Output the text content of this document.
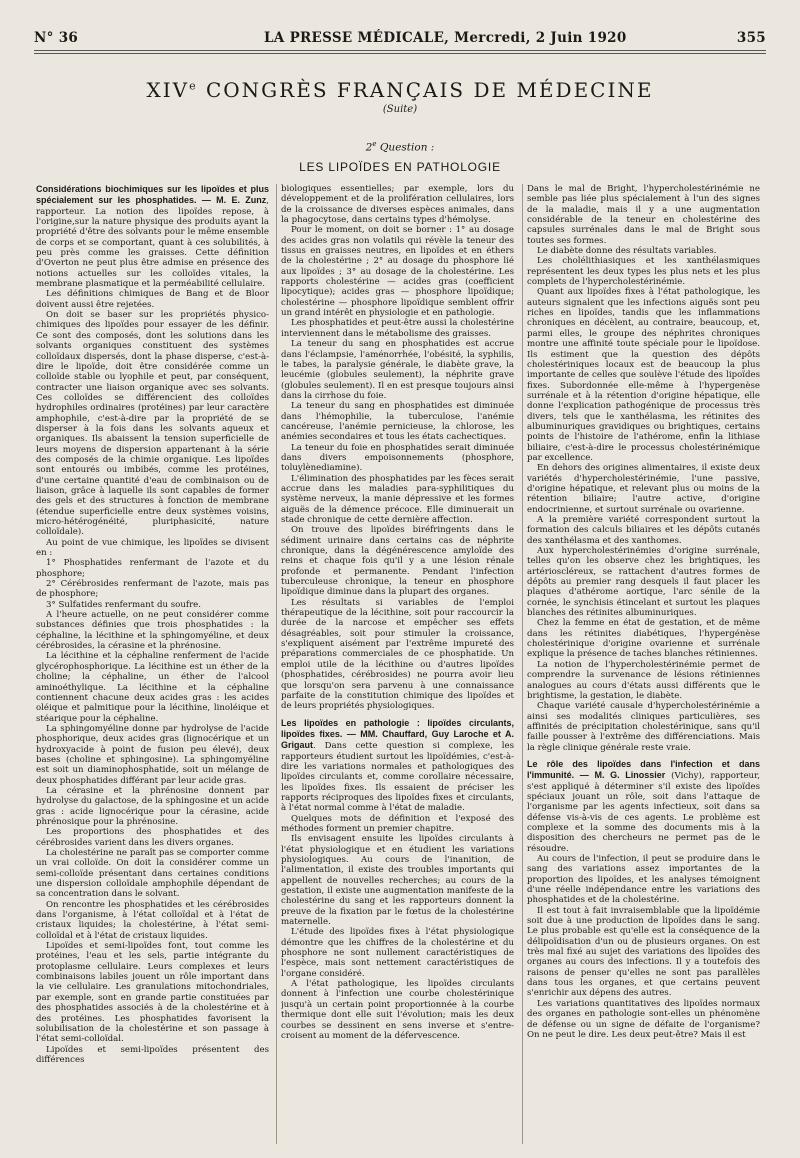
N° 36	LA PRESSE MÉDICALE, Mercredi, 2 Juin 1920	355
XIVe CONGRÈS FRANÇAIS DE MÉDECINE
(Suite)
2e Question :
LES LIPOÏDES EN PATHOLOGIE

Considérations biochimiques sur les lipoïdes et plus spécialement sur les phosphatides. — M. E. Zunz, rapporteur. La notion des lipoïdes repose, à l'origine,sur la nature physique des produits ayant la propriété d'être des solvants pour le même ensemble de corps et se comportant, quant à ces solubilités, à peu près comme les graisses. Cette définition d'Overton ne peut plus être admise en présence des notions actuelles sur les colloïdes vitales, la membrane plasmatique et la perméabilité cellulaire.

Les définitions chimiques de Bang et de Bloor doivent aussi être rejetées.

On doit se baser sur les propriétés physico-chimiques des lipoïdes pour essayer de les définir. Ce sont des composés, dont les solutions dans les solvants organiques constituent des systèmes colloïdaux dispersés, dont la phase disperse, c'est-à-dire le lipoïde, doit être considérée comme un colloïde stable ou lyophile et peut, par conséquent, contracter une liaison organique avec ses solvants. Ces colloïdes se différencient des colloïdes hydrophiles ordinaires (protéines) par leur caractère amphophile, c'est-à-dire par la propriété de se disperser à la fois dans les solvants aqueux et organiques. Ils abaissent la tension superficielle de leurs moyens de dispersion appartenant à la série des composés de la chimie organique. Les lipoïdes sont entourés ou imbibés, comme les protéines, d'une certaine quantité d'eau de combinaison ou de liaison, grâce à laquelle ils sont capables de former des gels et des structures à fonction de membrane (étendue superficielle entre deux systèmes voisins, micro-hétérogénéité, pluriphasicité, nature colloïdale).

Au point de vue chimique, les lipoïdes se divisent en :

1° Phosphatides renfermant de l'azote et du phosphore;

2° Cérébrosides renfermant de l'azote, mais pas de phosphore;

3° Sulfatides renfermant du soufre.

A l'heure actuelle, on ne peut considérer comme substances définies que trois phosphatides : la céphaline, la lécithine et la sphingomyéline, et deux cérébrosides, la cérasine et la phrénosine.

La lécithine et la céphaline renferment de l'acide glycérophosphorique. La lécithine est un éther de la choline; la céphaline, un éther de l'alcool aminoéthylique. La lécithine et la céphaline contiennent chacune deux acides gras : les acides oléique et palmitique pour la lécithine, linoléique et stéarique pour la céphaline.

La sphingomyéline donne par hydrolyse de l'acide phosphorique, deux acides gras (lignocérique et un hydroxyacide à point de fusion peu élevé), deux bases (choline et sphingosine). La sphingomyéline est soit un diaminophosphatide, soit un mélange de deux phosphatides différant par leur acide gras.

La cérasine et la phrénosine donnent par hydrolyse du galactose, de la sphingosine et un acide gras : acide lignocérique pour la cérasine, acide phrénosique pour la phrénosine.

Les proportions des phosphatides et des cérébrosides varient dans les divers organes.

La cholestérine ne paraît pas se comporter comme un vrai colloïde. On doit la considérer comme un semi-colloïde présentant dans certaines conditions une dispersion colloïdale amphophile dépendant de sa concentration dans le solvant.

On rencontre les phosphatides et les cérébrosides dans l'organisme, à l'état colloïdal et à l'état de cristaux liquides; la cholestérine, à l'état semi-colloïdal et à l'état de cristaux liquides.

Lipoïdes et semi-lipoïdes font, tout comme les protéines, l'eau et les sels, partie intégrante du protoplasme cellulaire. Leurs complexes et leurs combinaisons labiles jouent un rôle important dans la vie cellulaire. Les granulations mitochondriales, par exemple, sont en grande partie constituées par des phosphatides associés à de la cholestérine et à des protéines. Les phosphatides favorisent la solubilisation de la cholestérine et son passage à l'état semi-colloïdal.

Lipoïdes et semi-lipoïdes présentent des différences

biologiques essentielles; par exemple, lors du développement et de la prolifération cellulaires, lors de la croissance de diverses espèces animales, dans la phagocytose, dans certains types d'hémolyse.

Pour le moment, on doit se borner : 1° au dosage des acides gras non volatils qui révèle la teneur des tissus en graisses neutres, en lipoïdes et en éthers de la cholestérine ; 2° au dosage du phosphore lié aux lipoïdes ; 3° au dosage de la cholestérine. Les rapports cholestérine — acides gras (coefficient lipocytique); acides gras — phosphore lipoïdique; cholestérine — phosphore lipoïdique semblent offrir un grand intérêt en physiologie et en pathologie.

Les phosphatides et peut-être aussi la cholestérine interviennent dans le métabolisme des graisses.

La teneur du sang en phosphatides est accrue dans l'éclampsie, l'aménorrhée, l'obésité, la syphilis, le tabes, la paralysie générale, le diabète grave, la leucémie (globules seulement), la néphrite grave (globules seulement). Il en est presque toujours ainsi dans la cirrhose du foie.

La teneur du sang en phosphatides est diminuée dans l'hémophilie, la tuberculose, l'anémie cancéreuse, l'anémie pernicieuse, la chlorose, les anémies secondaires et tous les états cachectiques.

La teneur du foie en phosphatides serait diminuée dans divers empoisonnements (phosphore, toluylènediamine).

L'élimination des phosphatides par les fèces serait accrue dans les maladies para-syphilitiques du système nerveux, la manie dépressive et les formes aiguës de la démence précoce. Elle diminuerait un stade chronique de cette dernière affection.

On trouve des lipoïdes biréfringents dans le sédiment urinaire dans certains cas de néphrite chronique, dans la dégénérescence amyloïde des reins et chaque fois qu'il y a une lésion rénale profonde et permanente. Pendant l'infection tuberculeuse chronique, la teneur en phosphore lipoïdique diminue dans la plupart des organes.

Les résultats si variables de l'emploi thérapeutique de la lécithine, soit pour raccourcir la durée de la narcose et empêcher ses effets désagréables, soit pour stimuler la croissance, s'expliquent aisément par l'extrême impureté des préparations commerciales de ce phosphatide. Un emploi utile de la lécithine ou d'autres lipoïdes (phosphatides, cérébrosides) ne pourra avoir lieu que lorsqu'on sera parvenu à une connaissance parfaite de la constitution chimique des lipoïdes et de leurs propriétés physiologiques.

Les lipoïdes en pathologie : lipoïdes circulants, lipoïdes fixes. — MM. Chauffard, Guy Laroche et A. Grigaut. Dans cette question si complexe, les rapporteurs étudient surtout les lipoïdémies, c'est-à-dire les variations normales et pathologiques des lipoïdes circulants et, comme corollaire nécessaire, les lipoïdes fixes. Ils essaient de préciser les rapports réciproques des lipoïdes fixes et circulants, à l'état normal comme à l'état de maladie.

Quelques mots de définition et l'exposé des méthodes forment un premier chapitre.

Ils envisagent ensuite les lipoïdes circulants à l'état physiologique et en étudient les variations physiologiques. Au cours de l'inanition, de l'alimentation, il existe des troubles importants qui appellent de nouvelles recherches; au cours de la gestation, il existe une augmentation manifeste de la cholestérine du sang et les rapporteurs donnent la preuve de la fixation par le fœtus de la cholestérine maternelle.

L'étude des lipoïdes fixes à l'état physiologique démontre que les chiffres de la cholestérine et du phosphore ne sont nullement caractéristiques de l'espèce, mais sont nettement caractéristiques de l'organe considéré.

A l'état pathologique, les lipoïdes circulants donnent à l'infection une courbe cholestérinique jusqu'à un certain point proportionnée à la courbe thermique dont elle suit l'évolution; mais les deux courbes se dessinent en sens inverse et s'entre-croisent au moment de la défervescence.

Dans le mal de Bright, l'hypercholestérinémie ne semble pas liée plus spécialement à l'un des signes de la maladie, mais il y a une augmentation considérable de la teneur en cholestérine des capsules surrénales dans le mal de Bright sous toutes ses formes.

Le diabète donne des résultats variables.

Les cholélithiasiques et les xanthélasmiques représentent les deux types les plus nets et les plus complets de l'hypercholestérinémie.

Quant aux lipoïdes fixes à l'état pathologique, les auteurs signalent que les infections aiguës sont peu riches en lipoïdes, tandis que les inflammations chroniques en décèlent, au contraire, beaucoup, et, parmi elles, le groupe des néphrites chroniques montre une affinité toute spéciale pour le lipoïdose. Ils estiment que la question des dépôts cholestériniques locaux est de beaucoup la plus importante de celles que soulève l'étude des lipoïdes fixes. Subordonnée elle-même à l'hypergenèse surrénale et à la rétention d'origine hépatique, elle donne l'explication pathogénique de processus très divers, tels que le xanthélasma, les rétinites des albuminuriques gravidiques ou brightiques, certains points de l'histoire de l'athérome, enfin la lithiase biliaire, c'est-à-dire le processus cholestérinémique par excellence.

En dehors des origines alimentaires, il existe deux variétés d'hypercholestérinémie, l'une passive, d'origine hépatique, et relevant plus ou moins de la rétention biliaire; l'autre active, d'origine endocrinienne, et surtout surrénale ou ovarienne.

A la première variété correspondent surtout la formation des calculs biliaires et les dépôts cutanés des xanthélasma et des xanthomes.

Aux hypercholestérinémies d'origine surrénale, telles qu'on les observe chez les brightiques, les artérioscléreux, se rattachent d'autres formes de dépôts au premier rang desquels il faut placer les plaques d'athérome aortique, l'arc sénile de la cornée, le synchisis étincelant et surtout les plaques blanches des rétinites albuminuriques.

Chez la femme en état de gestation, et de même dans les rétinites diabétiques, l'hypergénèse cholestérinique d'origine ovarienne et surrénale explique la présence de taches blanches rétiniennes.

La notion de l'hypercholestérinémie permet de comprendre la survenance de lésions rétiniennes analogues au cours d'états aussi différents que le brightisme, la gestation, le diabète.

Chaque variété causale d'hypercholestérinémie a ainsi ses modalités cliniques particulières, ses affinités de précipitation cholestérinique, sans qu'il faille pousser à l'extrême des différenciations. Mais la règle clinique générale reste vraie.

Le rôle des lipoïdes dans l'infection et dans l'immunité. — M. G. Linossier (Vichy), rapporteur, s'est appliqué à déterminer s'il existe des lipoïdes spéciaux jouant un rôle, soit dans l'attaque de l'organisme par les agents infectieux, soit dans sa défense vis-à-vis de ces agents. Le problème est complexe et la somme des documents mis à la disposition des chercheurs ne permet pas de le résoudre.

Au cours de l'infection, il peut se produire dans le sang des variations assez importantes de la proportion des lipoïdes, et les analyses témoignent d'une réelle indépendance entre les variations des phosphatides et de la cholestérine.

Il est tout à fait invraisemblable que la lipoïdémie soit due à une production de lipoïdes dans le sang. Le plus probable est qu'elle est la conséquence de la délipoïdisation d'un ou de plusieurs organes. On est très mal fixé au sujet des variations des lipoïdes des organes au cours des infections. Il y a toutefois des raisons de penser qu'elles ne sont pas parallèles dans tous les organes, et que certains peuvent s'enrichir aux dépens des autres.

Les variations quantitatives des lipoïdes normaux des organes en pathologie sont-elles un phénomène de défense ou un signe de défaite de l'organisme? On ne peut le dire. Les deux peut-être? Mais il est
